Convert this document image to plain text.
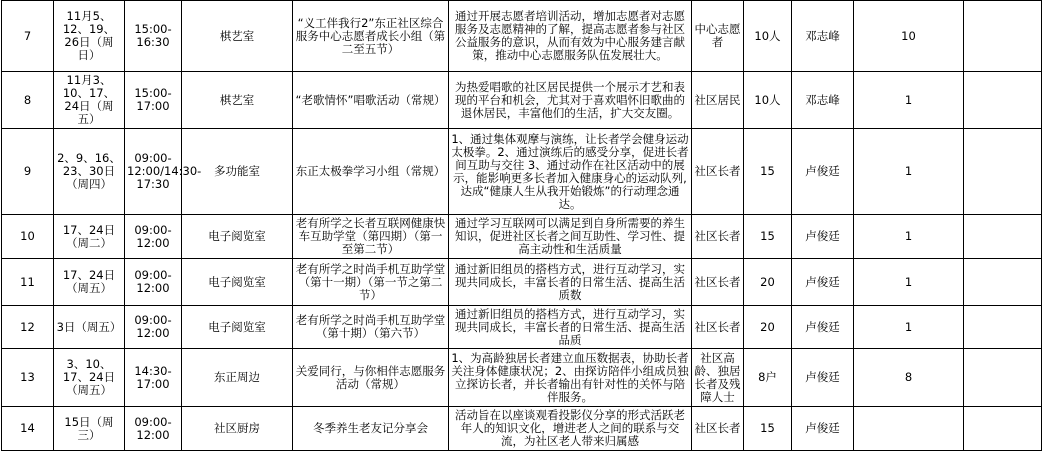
7	11月5、12、19、26日（周日）	15:00-16:30	棋艺室	“义工伴我行2”东正社区综合服务中心志愿者成长小组（第二至五节）	通过开展志愿者培训活动，增加志愿者对志愿服务及志愿精神的了解，提高志愿者参与社区公益服务的意识，从而有效为中心服务建言献策，推动中心志愿服务队伍发展壮大。	中心志愿者	10人	邓志峰	10	
8	11月3、10、17、24日（周五）	15:00-17:00	棋艺室	“老歌情怀”唱歌活动（常规）	为热爱唱歌的社区居民提供一个展示才艺和表现的平台和机会，尤其对于喜欢唱怀旧歌曲的退休居民，丰富他们的生活，扩大交友圈。	社区居民	10人	邓志峰	1	
9	2、9、16、23、30日（周四）	09:00-12:00/14:30-17:30	多功能室	东正太极拳学习小组（常规）	1、通过集体观摩与演练，让长者学会健身运动太极拳。2、通过演练后的感受分享，促进长者间互助与交往 3、通过动作在社区活动中的展示，能影响更多长者加入健康身心的运动队列,达成“健康人生从我开始锻炼”的行动理念通达。	社区长者	15	卢俊廷	1	
10	17、24日（周二）	09:00-12:00	电子阅览室	老有所学之长者互联网健康快车互助学堂（第四期）（第一至第二节）	通过学习互联网可以满足到自身所需要的养生知识，促进社区长者之间互助性、学习性、提高主动性和生活质量	社区长者	15	卢俊廷	1	
11	17、24日（周五）	09:00-12:00	电子阅览室	老有所学之时尚手机互助学堂（第十一期）（第一节之第二节）	通过新旧组员的搭档方式，进行互动学习，实现共同成长，丰富长者的日常生活、提高生活质数	社区长者	20	卢俊廷	1	
12	3日（周五）	09:00-12:00	电子阅览室	老有所学之时尚手机互助学堂（第十期）（第六节）	通过新旧组员的搭档方式，进行互动学习，实现共同成长，丰富长者的日常生活、提高生活品质	社区长者	20	卢俊廷	1	
13	3、10、17、24日（周五）	14:30-17:00	东正周边	关爱同行，与你相伴志愿服务活动（常规）	1、为高龄独居长者建立血压数据表，协助长者关注身体健康状况；2、由探访陪伴小组成员独立探访长者，并长者输出有针对性的关怀与陪伴服务。	社区高龄、独居长者及残障人士	8户	卢俊廷	8	
14	15日（周三）	09:00-12:00	社区厨房	冬季养生老友记分享会	活动旨在以座谈观看投影仪分享的形式活跃老年人的知识文化，增进老人之间的联系与交流，为社区老人带来归属感	社区长者	15	卢俊廷		
